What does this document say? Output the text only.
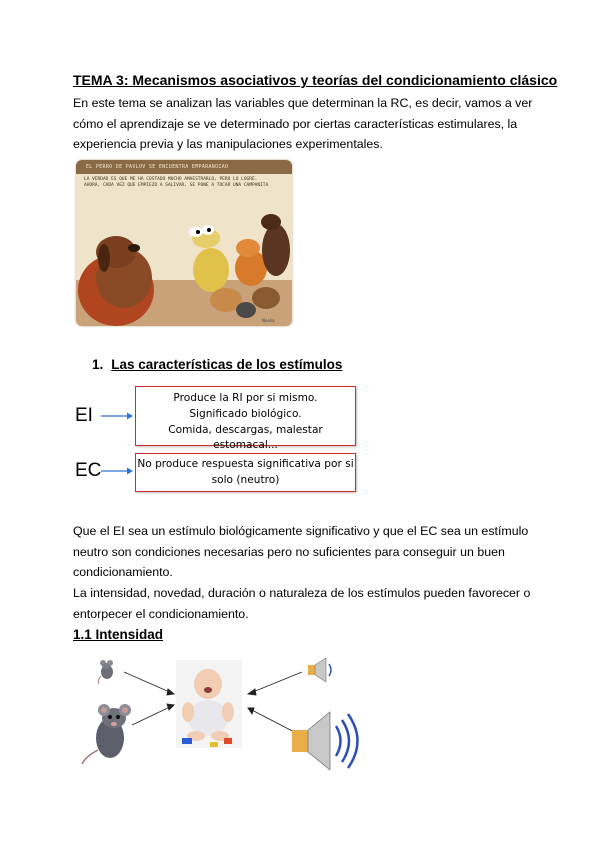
TEMA 3: Mecanismos asociativos y teorías del condicionamiento clásico
En este tema se analizan las variables que determinan la RC, es decir, vamos a ver
cómo el aprendizaje se ve determinado por ciertas características estimulares, la
experiencia previa y las manipulaciones experimentales.
EL PERRO DE PAVLOV SE ENCUENTRA EMPARANOIAO
LA VERDAD ES QUE ME HA COSTADO MUCHO AMAESTRARLO, PERO LO LOGRÉ.
AHORA, CADA VEZ QUE EMPIEZO A SALIVAR, SE PONE A TOCAR UNA CAMPANITA
Noelia
1. Las características de los estímulos
EI
Produce la RI por si mismo.
Significado biológico.
Comida, descargas, malestar estomacal...
EC	No produce respuesta significativa por si
solo (neutro)
Que el EI sea un estímulo biológicamente significativo y que el EC sea un estímulo
neutro son condiciones necesarias pero no suficientes para conseguir un buen
condicionamiento.
La intensidad, novedad, duración o naturaleza de los estímulos pueden favorecer o
entorpecer el condicionamiento.
1.1 Intensidad
